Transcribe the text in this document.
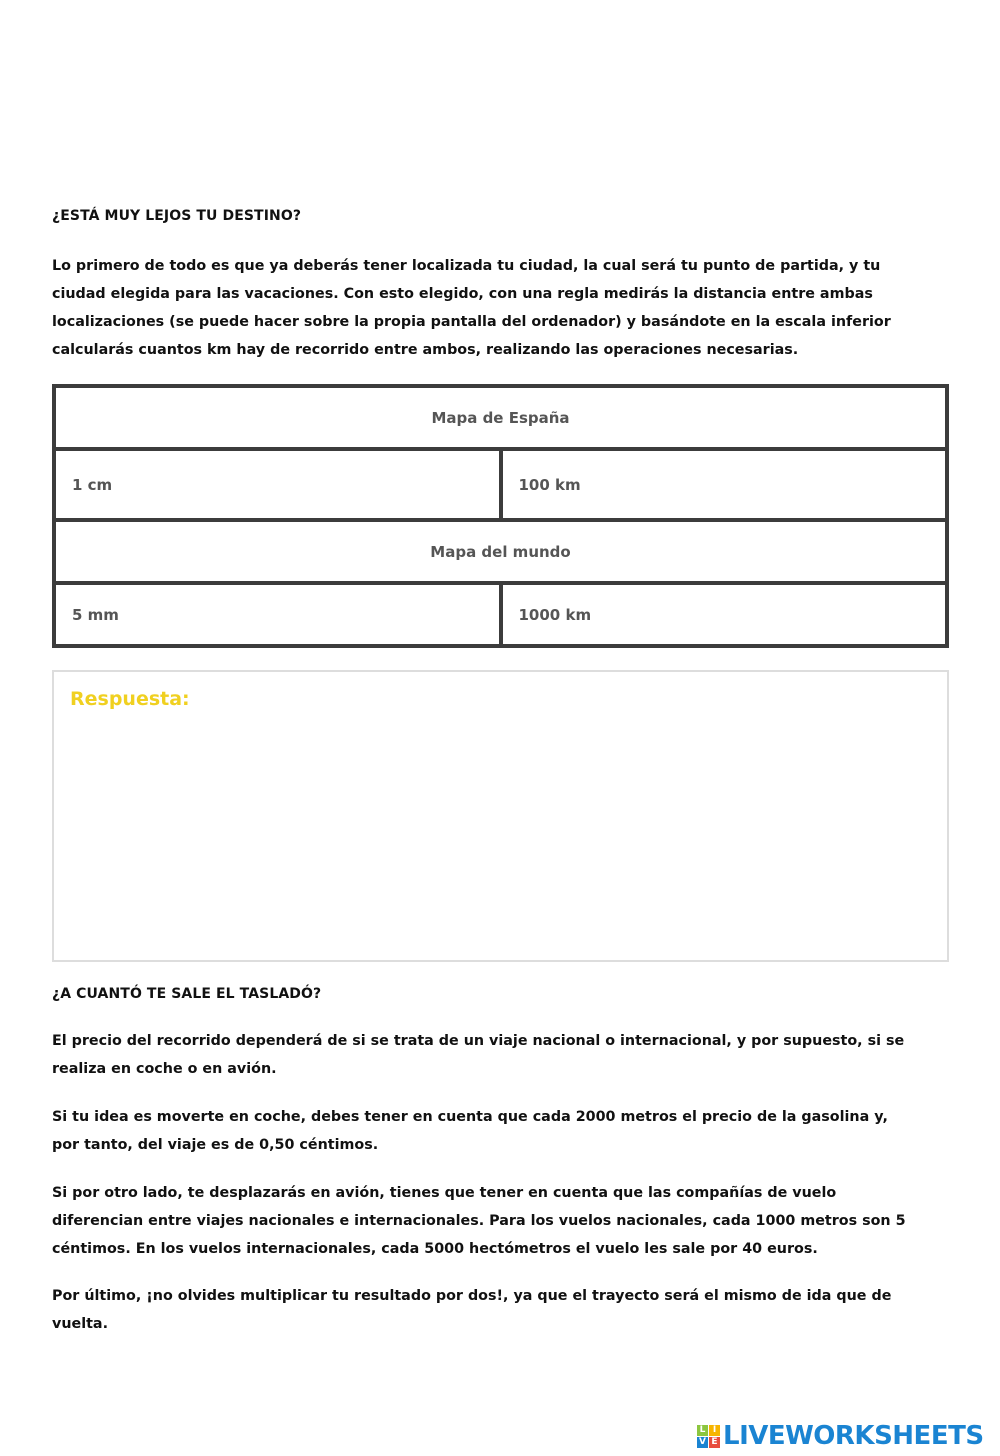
¿ESTÁ MUY LEJOS TU DESTINO?

Lo primero de todo es que ya deberás tener localizada tu ciudad, la cual será tu punto de partida, y tu
ciudad elegida para las vacaciones. Con esto elegido, con una regla medirás la distancia entre ambas
localizaciones (se puede hacer sobre la propia pantalla del ordenador) y basándote en la escala inferior
calcularás cuantos km hay de recorrido entre ambos, realizando las operaciones necesarias.

Mapa de España	
1 cm	100 km
Mapa del mundo	
5 mm	1000 km
Respuesta:
¿A CUANTÓ TE SALE EL TASLADÓ?

El precio del recorrido dependerá de si se trata de un viaje nacional o internacional, y por supuesto, si se
realiza en coche o en avión.

Si tu idea es moverte en coche, debes tener en cuenta que cada 2000 metros el precio de la gasolina y,
por tanto, del viaje es de 0,50 céntimos.

Si por otro lado, te desplazarás en avión, tienes que tener en cuenta que las compañías de vuelo
diferencian entre viajes nacionales e internacionales. Para los vuelos nacionales, cada 1000 metros son 5
céntimos. En los vuelos internacionales, cada 5000 hectómetros el vuelo les sale por 40 euros.

Por último, ¡no olvides multiplicar tu resultado por dos!, ya que el trayecto será el mismo de ida que de
vuelta.

L I
V E LIVEWORKSHEETS
